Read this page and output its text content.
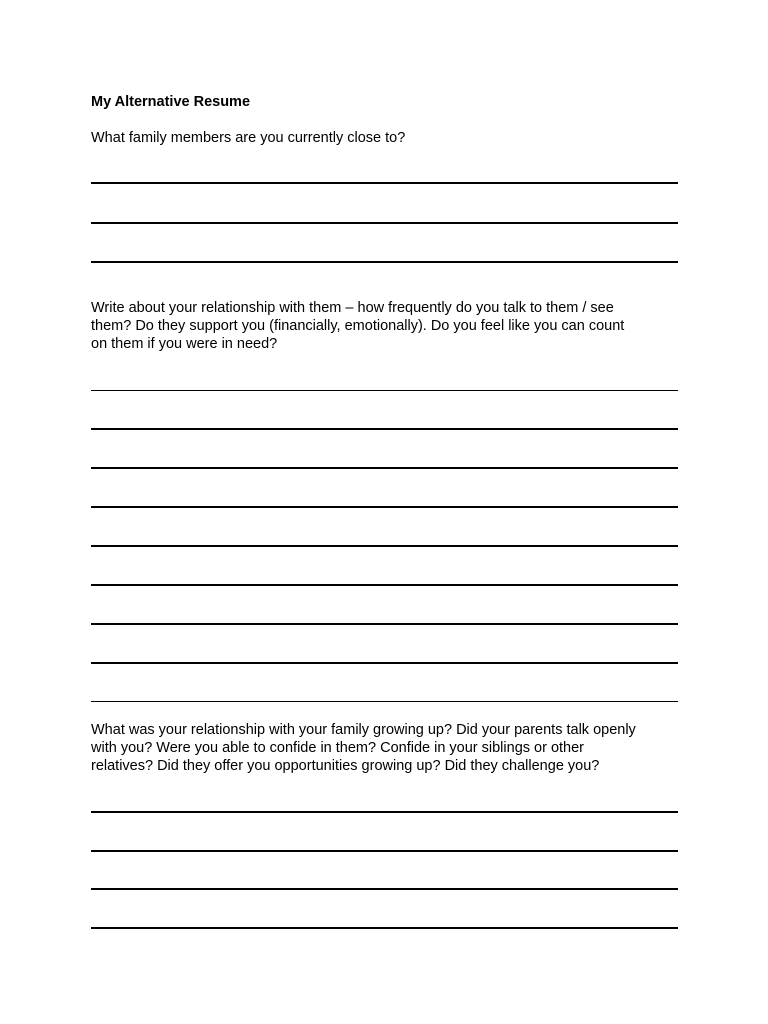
My Alternative Resume
What family members are you currently close to?
Write about your relationship with them – how frequently do you talk to them / see
them? Do they support you (financially, emotionally). Do you feel like you can count
on them if you were in need?
What was your relationship with your family growing up? Did your parents talk openly
with you? Were you able to confide in them? Confide in your siblings or other
relatives? Did they offer you opportunities growing up? Did they challenge you?
